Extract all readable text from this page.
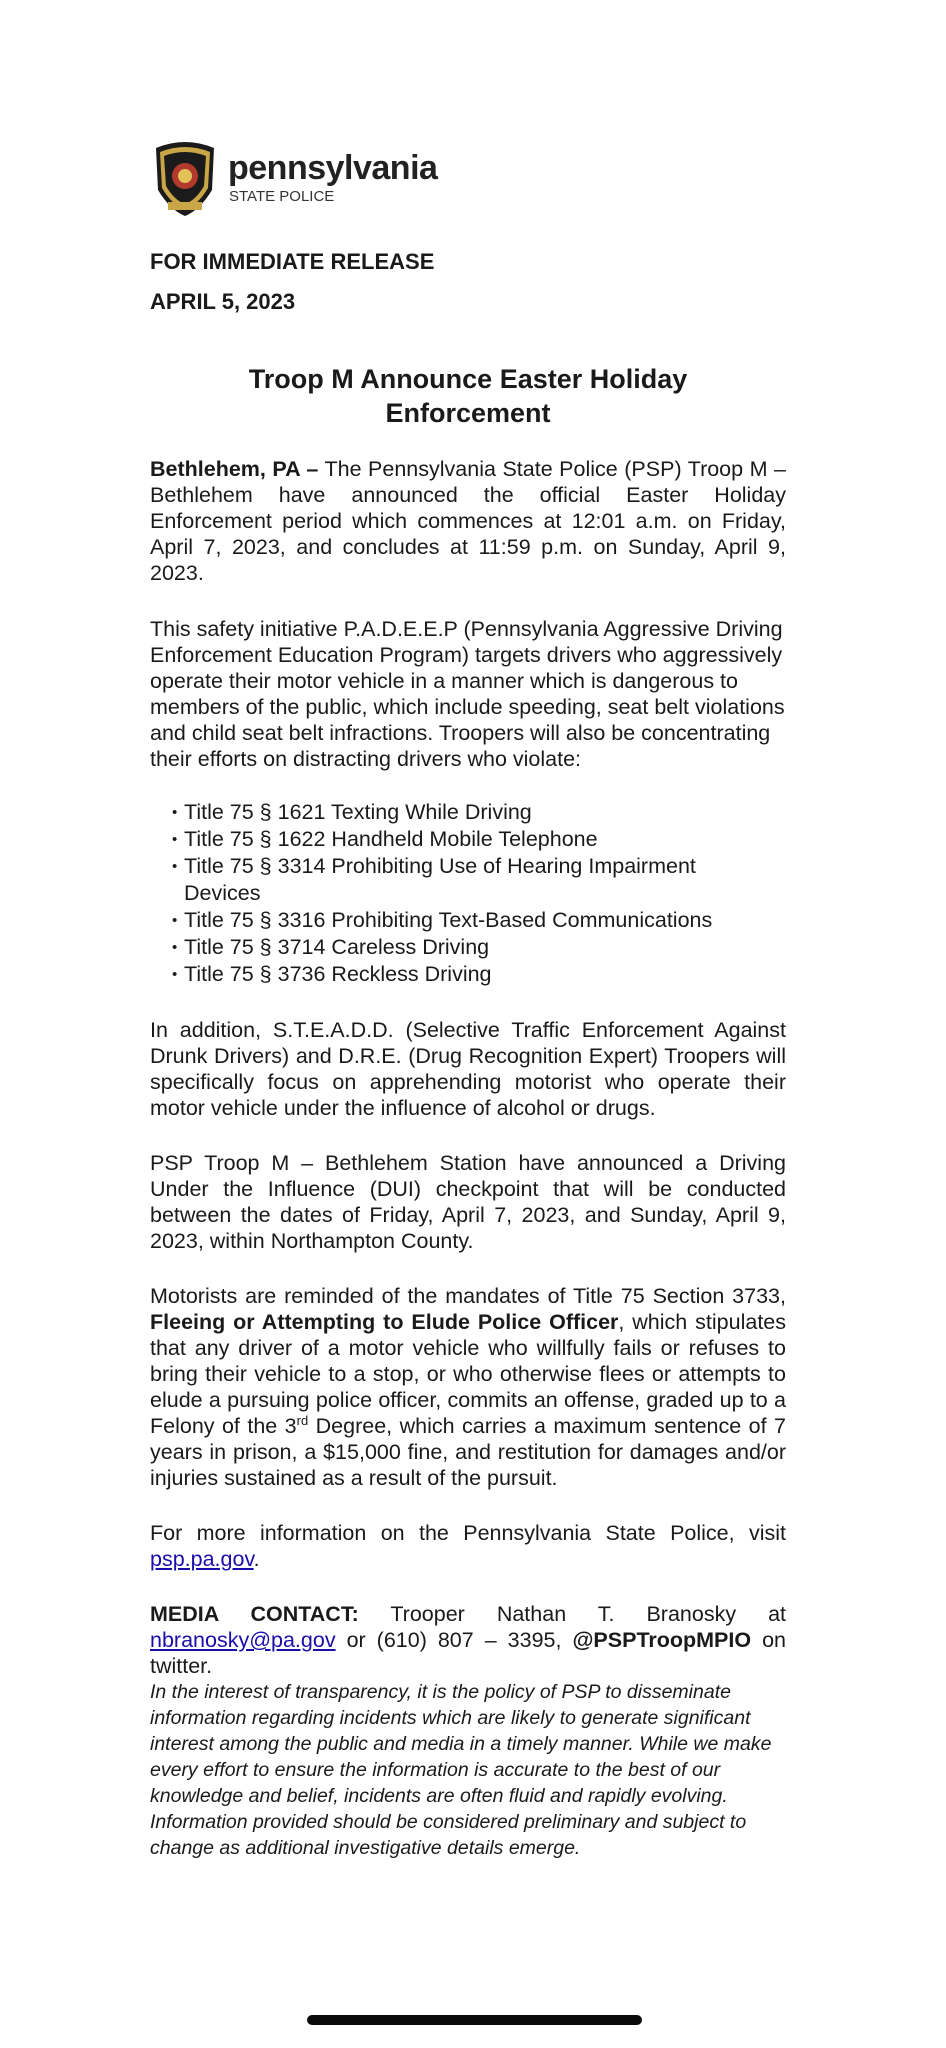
pennsylvania
STATE POLICE
FOR IMMEDIATE RELEASE
APRIL 5, 2023
Troop M Announce Easter Holiday
Enforcement

Bethlehem, PA – The Pennsylvania State Police (PSP) Troop M – Bethlehem have announced the official Easter Holiday Enforcement period which commences at 12:01 a.m. on Friday, April 7, 2023, and concludes at 11:59 p.m. on Sunday, April 9, 2023.

This safety initiative P.A.D.E.E.P (Pennsylvania Aggressive Driving Enforcement Education Program) targets drivers who aggressively operate their motor vehicle in a manner which is dangerous to members of the public, which include speeding, seat belt violations and child seat belt infractions. Troopers will also be concentrating their efforts on distracting drivers who violate:

• Title 75 § 1621 Texting While Driving
• Title 75 § 1622 Handheld Mobile Telephone
• Title 75 § 3314 Prohibiting Use of Hearing Impairment Devices
• Title 75 § 3316 Prohibiting Text-Based Communications
• Title 75 § 3714 Careless Driving
• Title 75 § 3736 Reckless Driving

In addition, S.T.E.A.D.D. (Selective Traffic Enforcement Against Drunk Drivers) and D.R.E. (Drug Recognition Expert) Troopers will specifically focus on apprehending motorist who operate their motor vehicle under the influence of alcohol or drugs.

PSP Troop M – Bethlehem Station have announced a Driving Under the Influence (DUI) checkpoint that will be conducted between the dates of Friday, April 7, 2023, and Sunday, April 9, 2023, within Northampton County.

Motorists are reminded of the mandates of Title 75 Section 3733, Fleeing or Attempting to Elude Police Officer, which stipulates that any driver of a motor vehicle who willfully fails or refuses to bring their vehicle to a stop, or who otherwise flees or attempts to elude a pursuing police officer, commits an offense, graded up to a Felony of the 3rd Degree, which carries a maximum sentence of 7 years in prison, a $15,000 fine, and restitution for damages and/or injuries sustained as a result of the pursuit.

For more information on the Pennsylvania State Police, visit psp.pa.gov.

MEDIA CONTACT: Trooper Nathan T. Branosky at nbranosky@pa.gov or (610) 807 – 3395, @PSPTroopMPIO on twitter.

In the interest of transparency, it is the policy of PSP to disseminate information regarding incidents which are likely to generate significant interest among the public and media in a timely manner. While we make every effort to ensure the information is accurate to the best of our knowledge and belief, incidents are often fluid and rapidly evolving. Information provided should be considered preliminary and subject to change as additional investigative details emerge.
